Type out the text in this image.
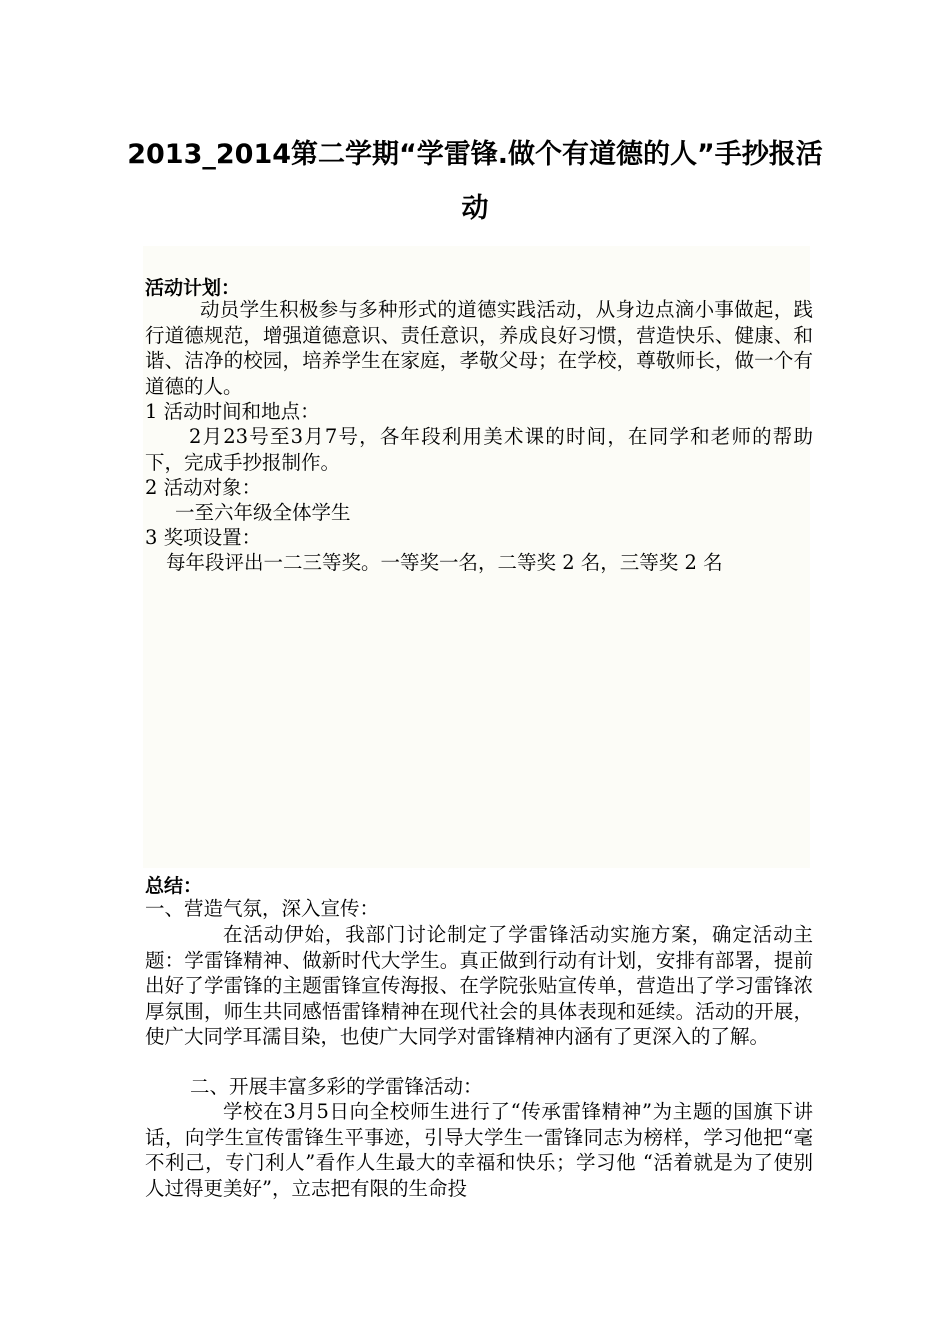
2013_2014第二学期“学雷锋.做个有道德的人”手抄报活动
活动计划：

动员学生积极参与多种形式的道德实践活动，从身边点滴小事做起，践行道德规范，增强道德意识、责任意识，养成良好习惯，营造快乐、健康、和谐、洁净的校园，培养学生在家庭，孝敬父母；在学校，尊敬师长，做一个有道德的人。

1 活动时间和地点：

2月23号至3月7号，各年段利用美术课的时间，在同学和老师的帮助下，完成手抄报制作。

2 活动对象：

一至六年级全体学生

3 奖项设置：

每年段评出一二三等奖。一等奖一名，二等奖 2 名，三等奖 2 名

总结：

一、营造气氛，深入宣传：

在活动伊始，我部门讨论制定了学雷锋活动实施方案，确定活动主题：学雷锋精神、做新时代大学生。真正做到行动有计划，安排有部署，提前出好了学雷锋的主题雷锋宣传海报、在学院张贴宣传单，营造出了学习雷锋浓厚氛围，师生共同感悟雷锋精神在现代社会的具体表现和延续。活动的开展，使广大同学耳濡目染，也使广大同学对雷锋精神内涵有了更深入的了解。

二、开展丰富多彩的学雷锋活动：

学校在3月5日向全校师生进行了“传承雷锋精神”为主题的国旗下讲话，向学生宣传雷锋生平事迹，引导大学生一雷锋同志为榜样，学习他把“毫不利己，专门利人”看作人生最大的幸福和快乐；学习他 “活着就是为了使别人过得更美好”，立志把有限的生命投
